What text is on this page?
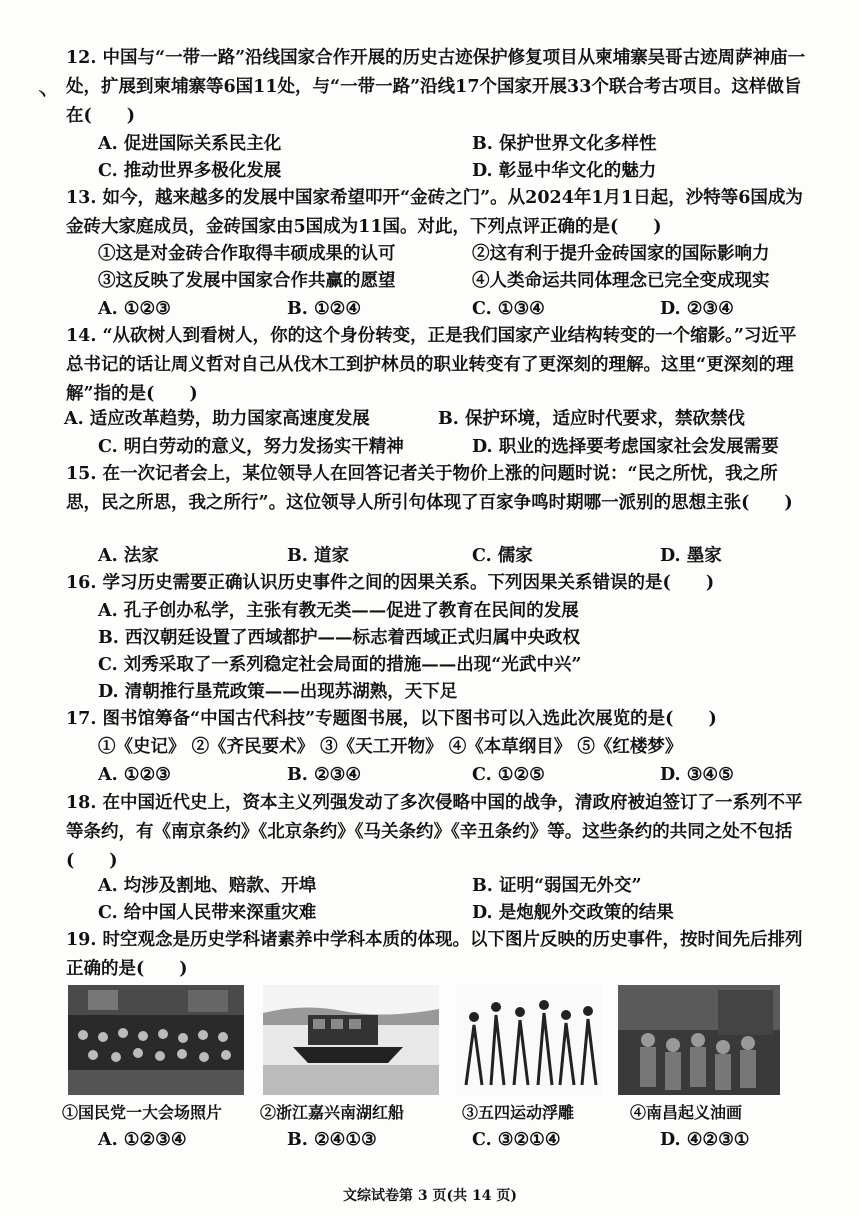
12. 中国与“一带一路”沿线国家合作开展的历史古迹保护修复项目从柬埔寨吴哥古迹周萨神庙一处，扩展到柬埔寨等6国11处，与“一带一路”沿线17个国家开展33个联合考古项目。这样做旨在(　　)
丶
A. 促进国际关系民主化	B. 保护世界文化多样性
C. 推动世界多极化发展	D. 彰显中华文化的魅力
13. 如今，越来越多的发展中国家希望叩开“金砖之门”。从2024年1月1日起，沙特等6国成为金砖大家庭成员，金砖国家由5国成为11国。对此，下列点评正确的是(　　)
①这是对金砖合作取得丰硕成果的认可	②这有利于提升金砖国家的国际影响力
③这反映了发展中国家合作共赢的愿望	④人类命运共同体理念已完全变成现实
A. ①②③	B. ①②④	C. ①③④	D. ②③④
14. “从砍树人到看树人，你的这个身份转变，正是我们国家产业结构转变的一个缩影。”习近平总书记的话让周义哲对自己从伐木工到护林员的职业转变有了更深刻的理解。这里“更深刻的理解”指的是(　　)
A. 适应改革趋势，助力国家高速度发展	B. 保护环境，适应时代要求，禁砍禁伐
C. 明白劳动的意义，努力发扬实干精神	D. 职业的选择要考虑国家社会发展需要
15. 在一次记者会上，某位领导人在回答记者关于物价上涨的问题时说：“民之所忧，我之所思，民之所思，我之所行”。这位领导人所引句体现了百家争鸣时期哪一派别的思想主张(　　)
A. 法家	B. 道家	C. 儒家	D. 墨家
16. 学习历史需要正确认识历史事件之间的因果关系。下列因果关系错误的是(　　)
A. 孔子创办私学，主张有教无类——促进了教育在民间的发展
B. 西汉朝廷设置了西域都护——标志着西域正式归属中央政权
C. 刘秀采取了一系列稳定社会局面的措施——出现“光武中兴”
D. 清朝推行垦荒政策——出现苏湖熟，天下足
17. 图书馆筹备“中国古代科技”专题图书展，以下图书可以入选此次展览的是(　　)
①《史记》 ②《齐民要术》 ③《天工开物》 ④《本草纲目》 ⑤《红楼梦》
A. ①②③	B. ②③④	C. ①②⑤	D. ③④⑤
18. 在中国近代史上，资本主义列强发动了多次侵略中国的战争，清政府被迫签订了一系列不平等条约，有《南京条约》《北京条约》《马关条约》《辛丑条约》等。这些条约的共同之处不包括(　　)
A. 均涉及割地、赔款、开埠	B. 证明“弱国无外交”
C. 给中国人民带来深重灾难	D. 是炮舰外交政策的结果
19. 时空观念是历史学科诸素养中学科本质的体现。以下图片反映的历史事件，按时间先后排列正确的是(　　)
①国民党一大会场照片 ②浙江嘉兴南湖红船	③五四运动浮雕	④南昌起义油画
A. ①②③④	B. ②④①③	C. ③②①④	D. ④②③①
文综试卷第 3 页(共 14 页)
